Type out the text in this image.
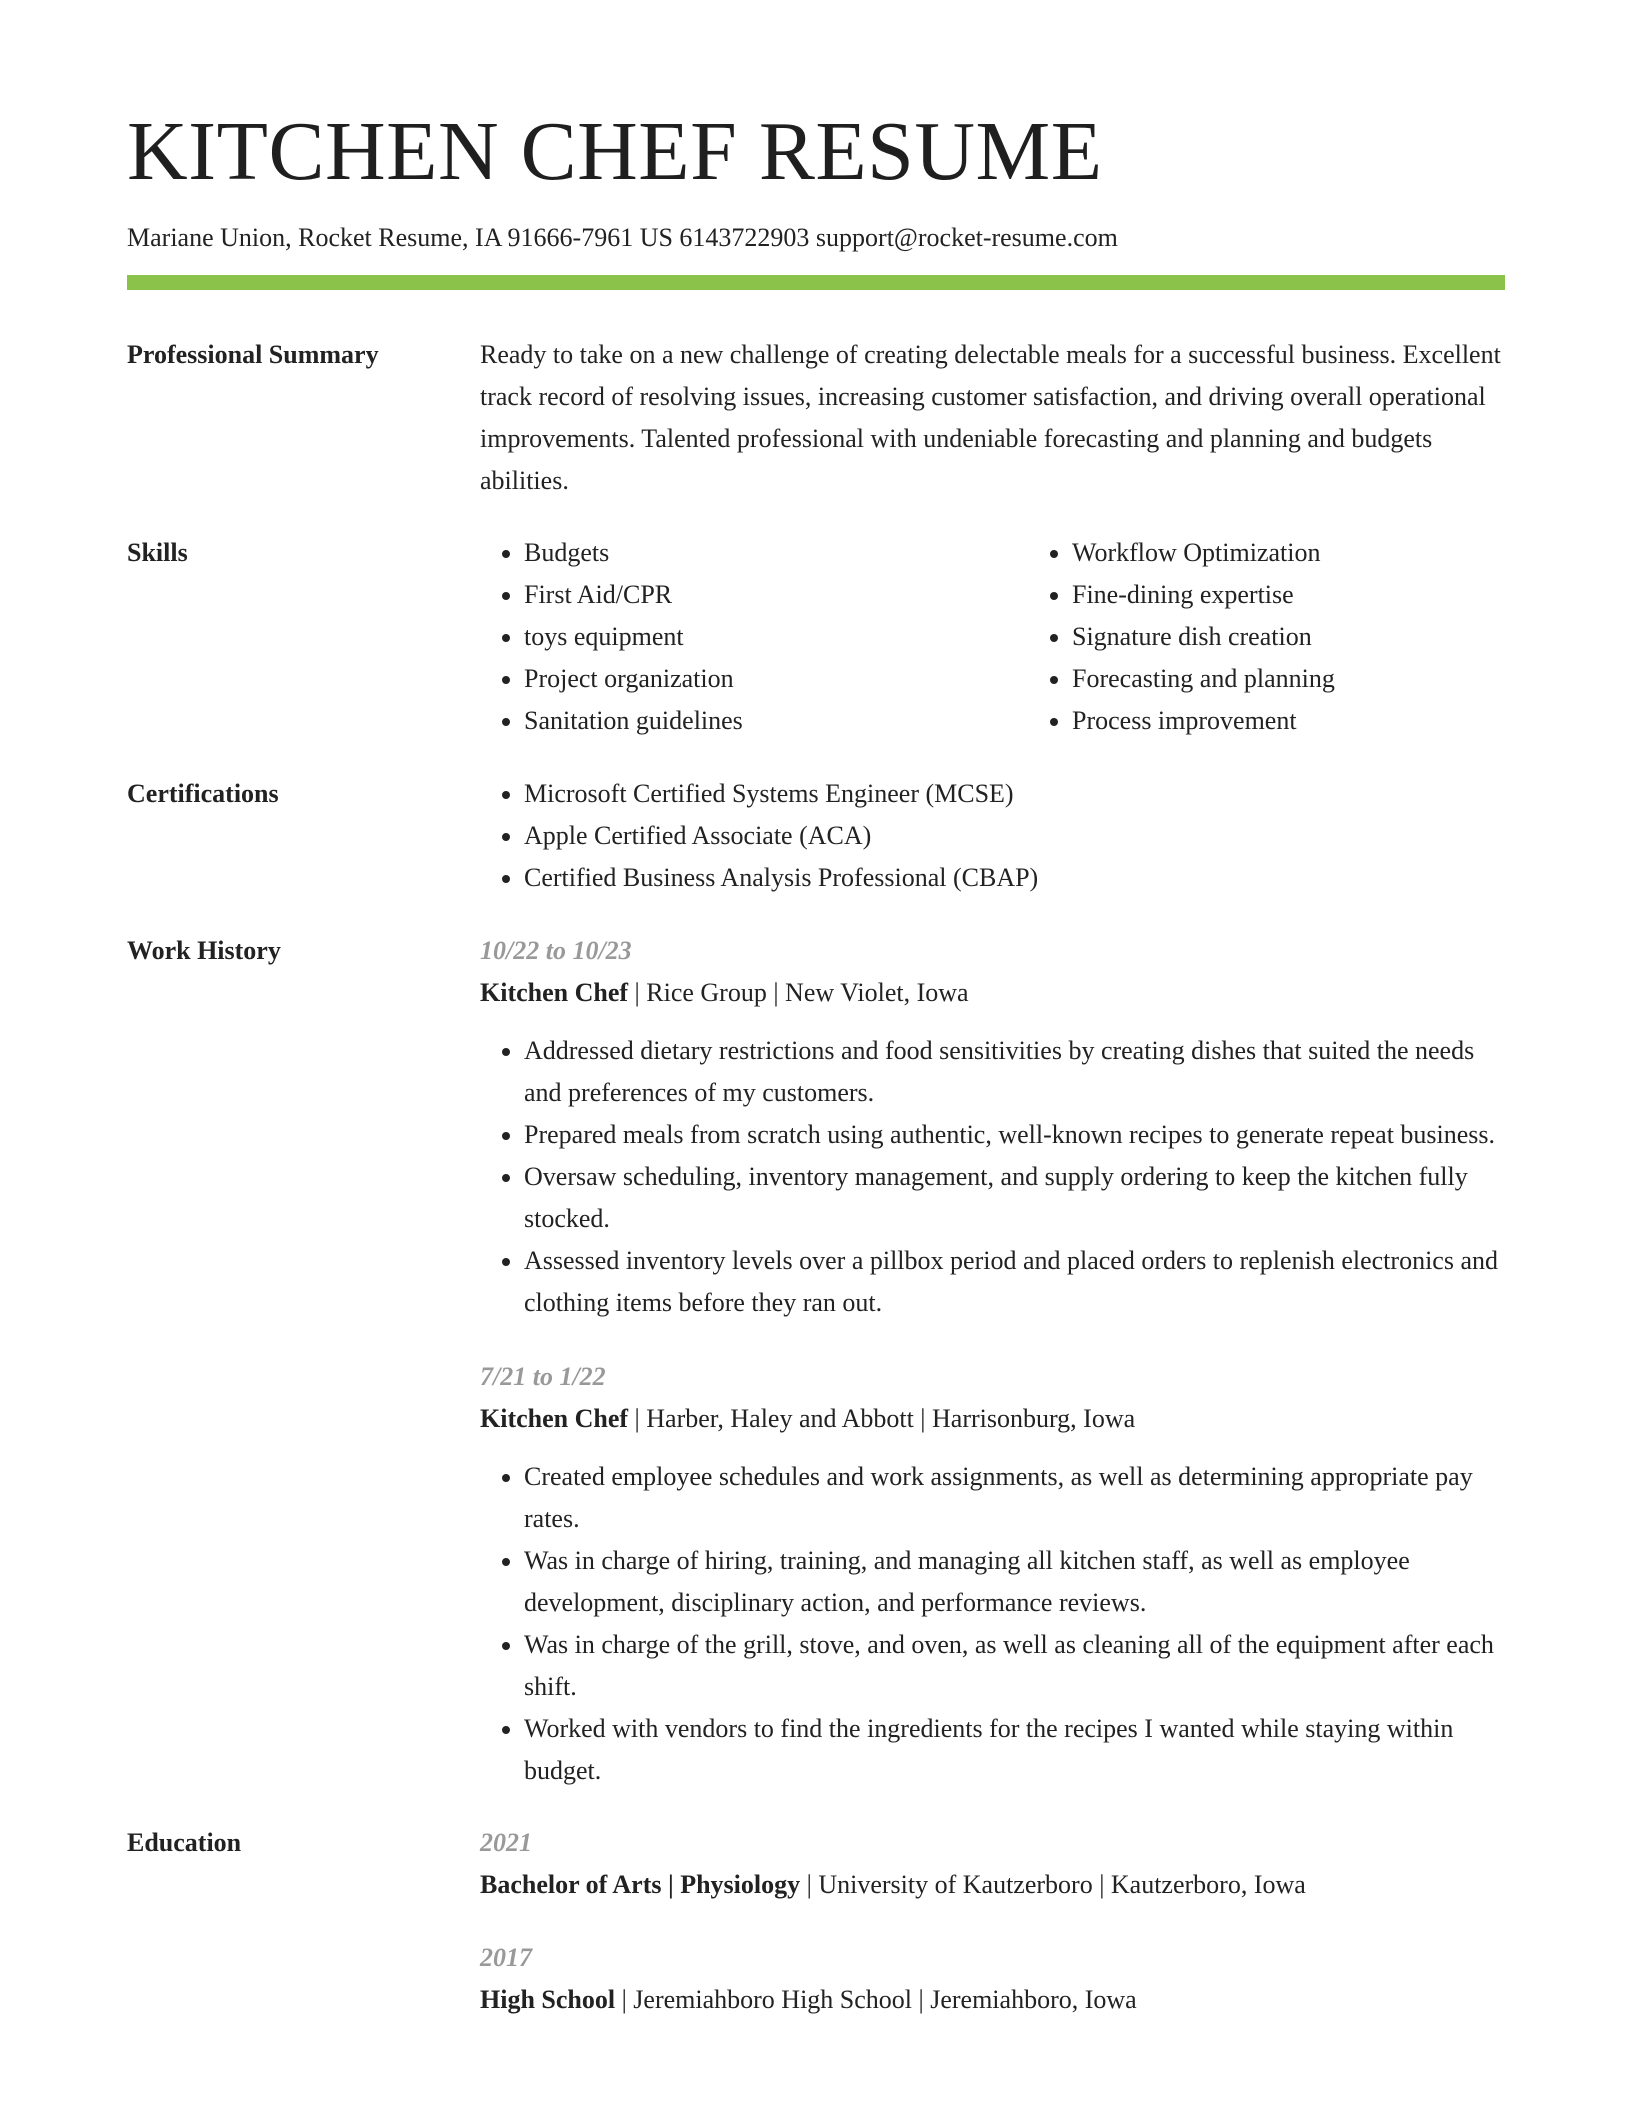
KITCHEN CHEF RESUME
Mariane Union, Rocket Resume, IA 91666-7961 US 6143722903 support@rocket-resume.com
Professional Summary	Ready to take on a new challenge of creating delectable meals for a successful business. Excellent track record of resolving issues, increasing customer satisfaction, and driving overall operational improvements. Talented professional with undeniable forecasting and planning and budgets abilities.
Skills	• Budgets
• First Aid/CPR
• toys equipment
• Project organization
• Sanitation guidelines
• Workflow Optimization
• Fine-dining expertise
• Signature dish creation
• Forecasting and planning
• Process improvement
Certifications	• Microsoft Certified Systems Engineer (MCSE)
• Apple Certified Associate (ACA)
• Certified Business Analysis Professional (CBAP)
Work History	10/22 to 10/23
Kitchen Chef | Rice Group | New Violet, Iowa
• Addressed dietary restrictions and food sensitivities by creating dishes that suited the needs and preferences of my customers.
• Prepared meals from scratch using authentic, well-known recipes to generate repeat business.
• Oversaw scheduling, inventory management, and supply ordering to keep the kitchen fully stocked.
• Assessed inventory levels over a pillbox period and placed orders to replenish electronics and clothing items before they ran out.
7/21 to 1/22
Kitchen Chef | Harber, Haley and Abbott | Harrisonburg, Iowa
• Created employee schedules and work assignments, as well as determining appropriate pay rates.
• Was in charge of hiring, training, and managing all kitchen staff, as well as employee development, disciplinary action, and performance reviews.
• Was in charge of the grill, stove, and oven, as well as cleaning all of the equipment after each shift.
• Worked with vendors to find the ingredients for the recipes I wanted while staying within budget.
Education	2021
Bachelor of Arts | Physiology | University of Kautzerboro | Kautzerboro, Iowa
2017
High School | Jeremiahboro High School | Jeremiahboro, Iowa
